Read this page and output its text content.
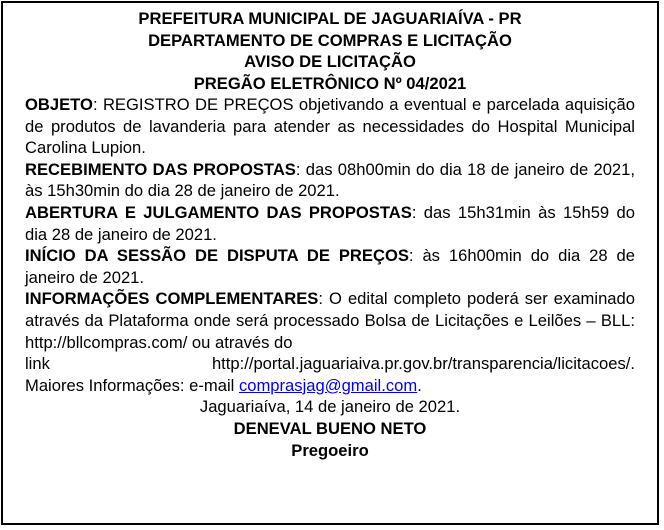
PREFEITURA MUNICIPAL DE JAGUARIAÍVA - PR

DEPARTAMENTO DE COMPRAS E LICITAÇÃO

AVISO DE LICITAÇÃO

PREGÃO ELETRÔNICO Nº 04/2021

OBJETO: REGISTRO DE PREÇOS objetivando a eventual e parcelada aquisição de produtos de lavanderia para atender as necessidades do Hospital Municipal Carolina Lupion.

RECEBIMENTO DAS PROPOSTAS: das 08h00min do dia 18 de janeiro de 2021, às 15h30min do dia 28 de janeiro de 2021.

ABERTURA E JULGAMENTO DAS PROPOSTAS: das 15h31min às 15h59 do dia 28 de janeiro de 2021.

INÍCIO DA SESSÃO DE DISPUTA DE PREÇOS: às 16h00min do dia 28 de janeiro de 2021.

INFORMAÇÕES COMPLEMENTARES: O edital completo poderá ser examinado através da Plataforma onde será processado Bolsa de Licitações e Leilões – BLL: http://bllcompras.com/ ou através do

link	http://portal.jaguariaiva.pr.gov.br/transparencia/licitacoes/.

Maiores Informações: e-mail comprasjag@gmail.com.

Jaguariaíva, 14 de janeiro de 2021.

DENEVAL BUENO NETO

Pregoeiro
